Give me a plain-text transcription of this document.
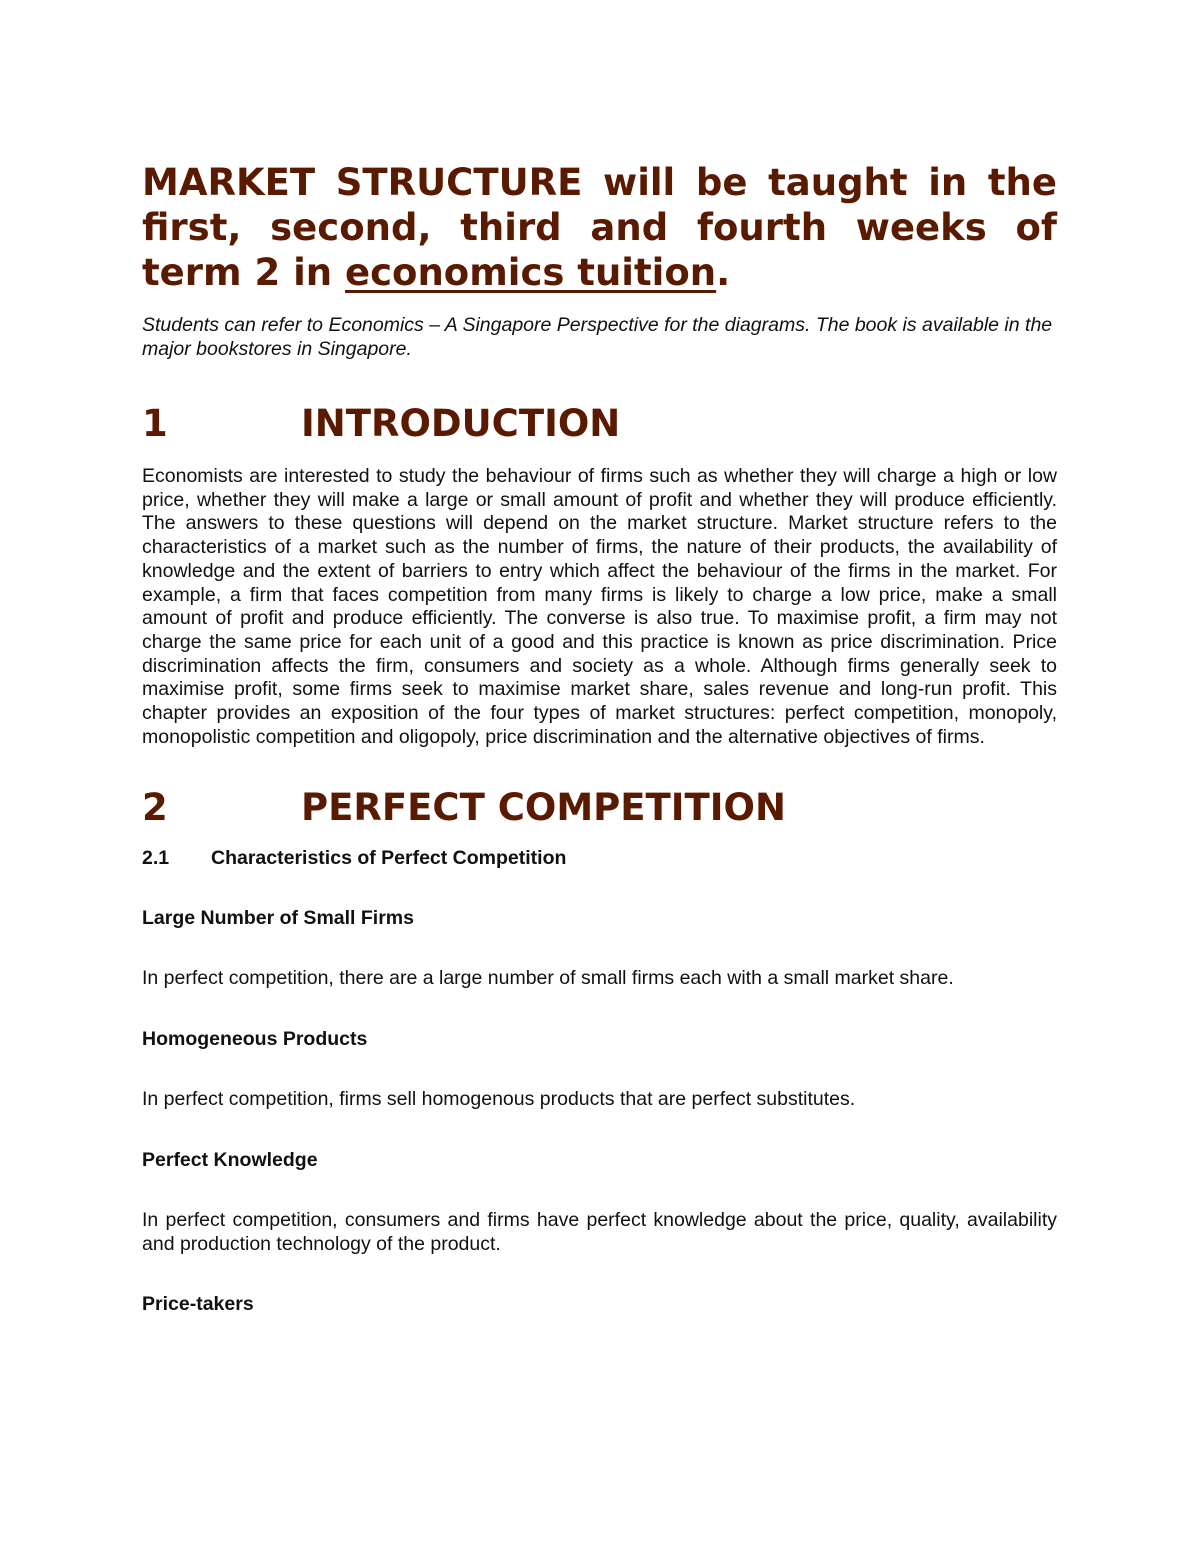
MARKET STRUCTURE will be taught in the first, second, third and fourth weeks of term 2 in economics tuition.

Students can refer to Economics – A Singapore Perspective for the diagrams. The book is available in the major bookstores in Singapore.

1	INTRODUCTION

Economists are interested to study the behaviour of firms such as whether they will charge a high or low price, whether they will make a large or small amount of profit and whether they will produce efficiently. The answers to these questions will depend on the market structure. Market structure refers to the characteristics of a market such as the number of firms, the nature of their products, the availability of knowledge and the extent of barriers to entry which affect the behaviour of the firms in the market. For example, a firm that faces competition from many firms is likely to charge a low price, make a small amount of profit and produce efficiently. The converse is also true. To maximise profit, a firm may not charge the same price for each unit of a good and this practice is known as price discrimination. Price discrimination affects the firm, consumers and society as a whole. Although firms generally seek to maximise profit, some firms seek to maximise market share, sales revenue and long-run profit. This chapter provides an exposition of the four types of market structures: perfect competition, monopoly, monopolistic competition and oligopoly, price discrimination and the alternative objectives of firms.

2	PERFECT COMPETITION
2.1	Characteristics of Perfect Competition
Large Number of Small Firms

In perfect competition, there are a large number of small firms each with a small market share.

Homogeneous Products

In perfect competition, firms sell homogenous products that are perfect substitutes.

Perfect Knowledge

In perfect competition, consumers and firms have perfect knowledge about the price, quality, availability and production technology of the product.

Price-takers
